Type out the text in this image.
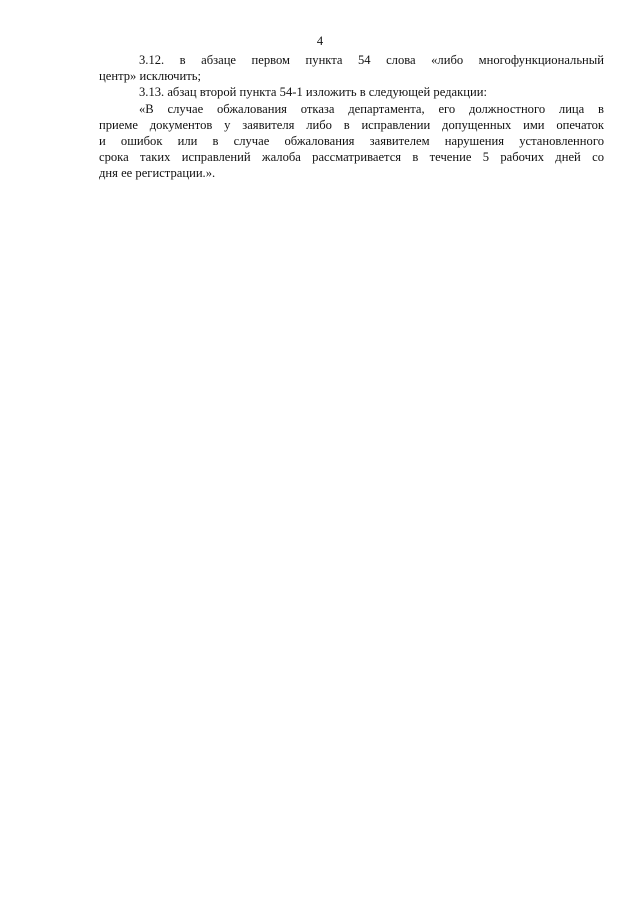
4
3.12. в абзаце первом пункта 54 слова «либо многофункциональный
центр» исключить;
3.13. абзац второй пункта 54-1 изложить в следующей редакции:
«В случае обжалования отказа департамента, его должностного лица в
приеме документов у заявителя либо в исправлении допущенных ими опечаток
и ошибок или в случае обжалования заявителем нарушения установленного
срока таких исправлений жалоба рассматривается в течение 5 рабочих дней со
дня ее регистрации.».
